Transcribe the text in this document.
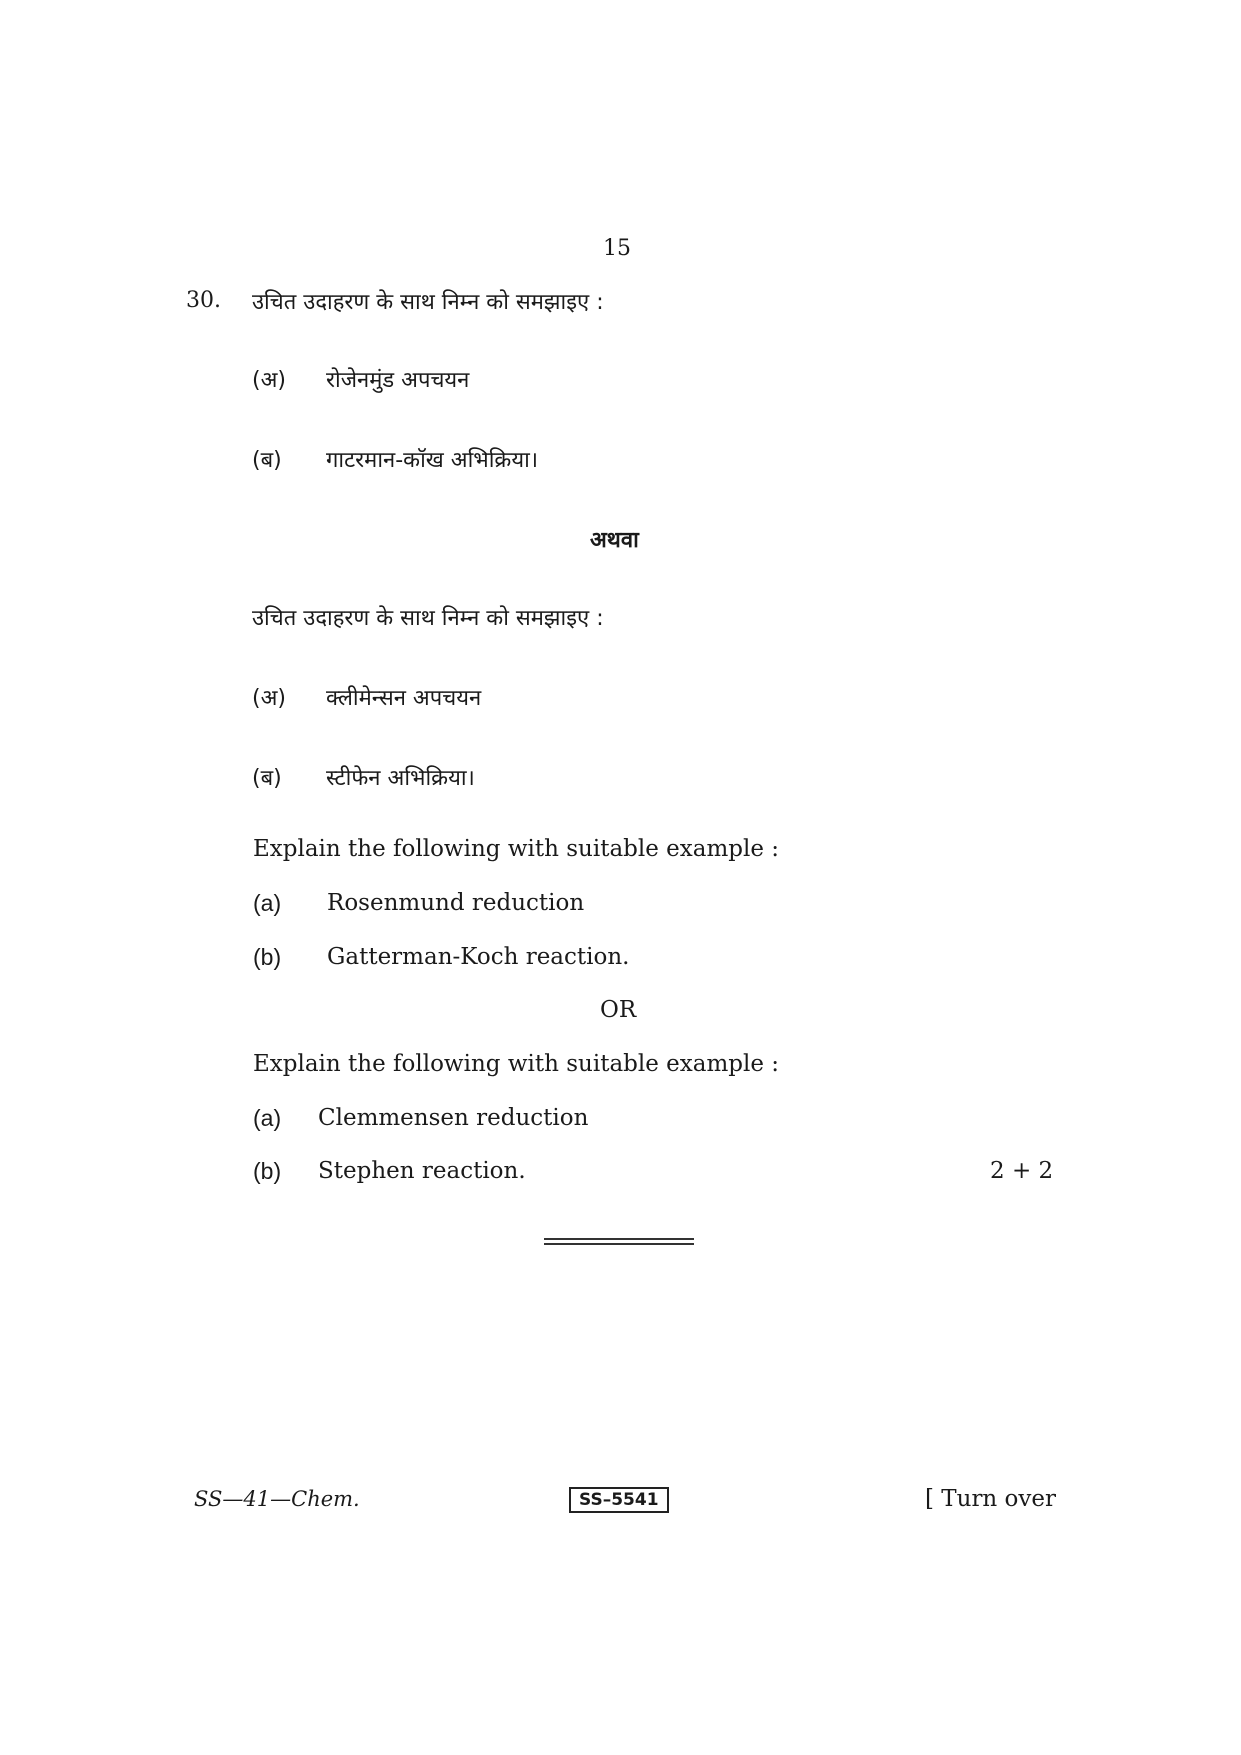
15
30. उचित उदाहरण के साथ निम्न को समझाइए :
(अ) रोजेनमुंड अपचयन
(ब) गाटरमान-कॉख अभिक्रिया।
अथवा
उचित उदाहरण के साथ निम्न को समझाइए :
(अ) क्लीमेन्सन अपचयन
(ब) स्टीफेन अभिक्रिया।
Explain the following with suitable example :
(a) Rosenmund reduction
(b) Gatterman-Koch reaction.
OR
Explain the following with suitable example :
(a) Clemmensen reduction
(b) Stephen reaction.	2 + 2
SS—41—Chem.	SS–5541	[ Turn over
